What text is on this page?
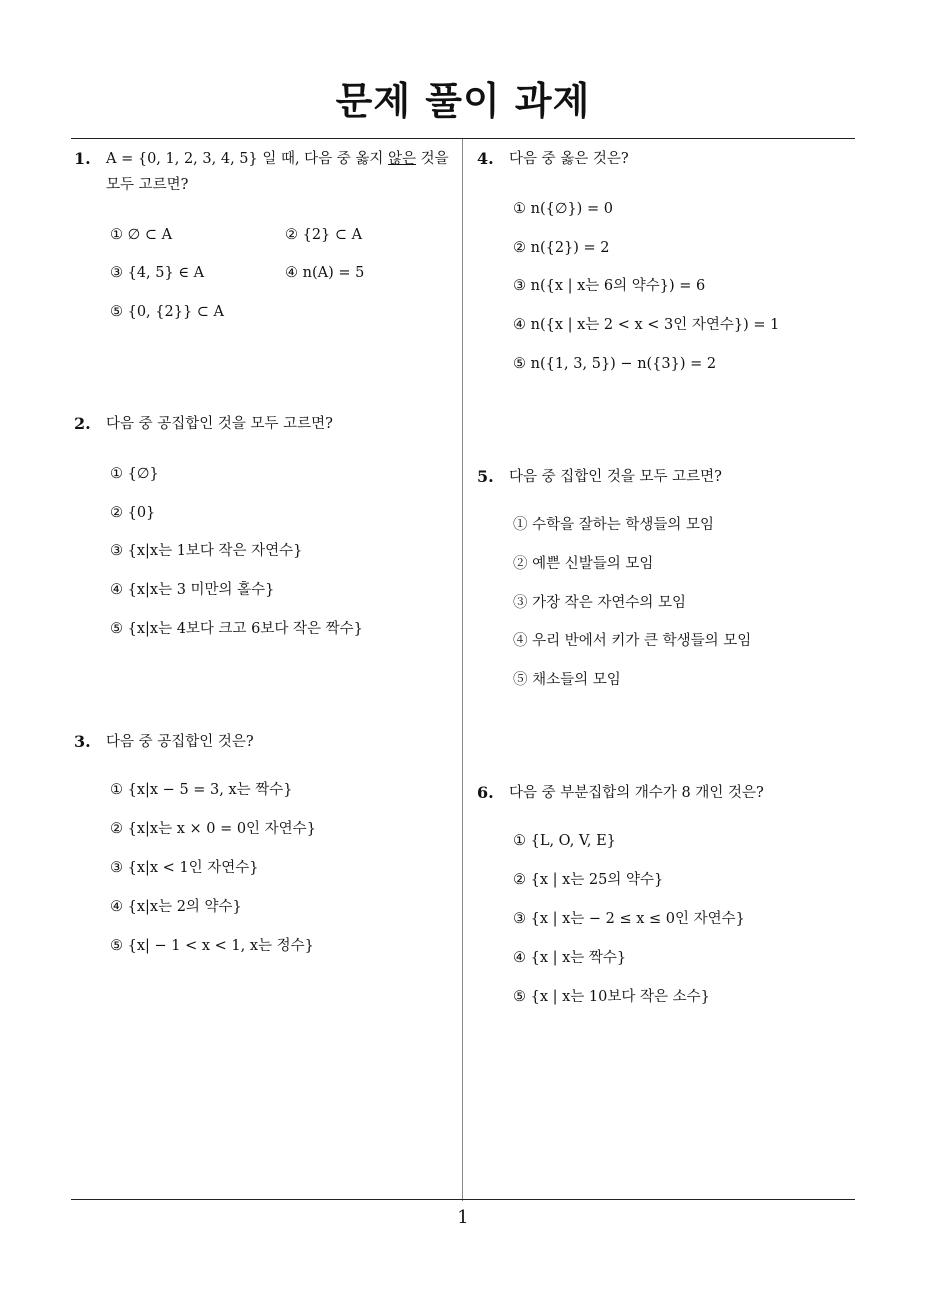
문제 풀이 과제
1. A = {0, 1, 2, 3, 4, 5} 일 때, 다음 중 옳지 않은 것을 모두 고르면?
① ∅ ⊂ A	② {2} ⊂ A
③ {4, 5} ∈ A	④ n(A) = 5
⑤ {0, {2}} ⊂ A
2. 다음 중 공집합인 것을 모두 고르면?
① {∅}
② {0}
③ {x|x는 1보다 작은 자연수}
④ {x|x는 3 미만의 홀수}
⑤ {x|x는 4보다 크고 6보다 작은 짝수}
3. 다음 중 공집합인 것은?
① {x|x − 5 = 3, x는 짝수}
② {x|x는 x × 0 = 0인 자연수}
③ {x|x < 1인 자연수}
④ {x|x는 2의 약수}
⑤ {x| − 1 < x < 1, x는 정수}
4. 다음 중 옳은 것은?
① n({∅}) = 0
② n({2}) = 2
③ n({x | x는 6의 약수}) = 6
④ n({x | x는 2 < x < 3인 자연수}) = 1
⑤ n({1, 3, 5}) − n({3}) = 2
5. 다음 중 집합인 것을 모두 고르면?
① 수학을 잘하는 학생들의 모임
② 예쁜 신발들의 모임
③ 가장 작은 자연수의 모임
④ 우리 반에서 키가 큰 학생들의 모임
⑤ 채소들의 모임
6. 다음 중 부분집합의 개수가 8 개인 것은?
① {L, O, V, E}
② {x | x는 25의 약수}
③ {x | x는 − 2 ≤ x ≤ 0인 자연수}
④ {x | x는 짝수}
⑤ {x | x는 10보다 작은 소수}
1
